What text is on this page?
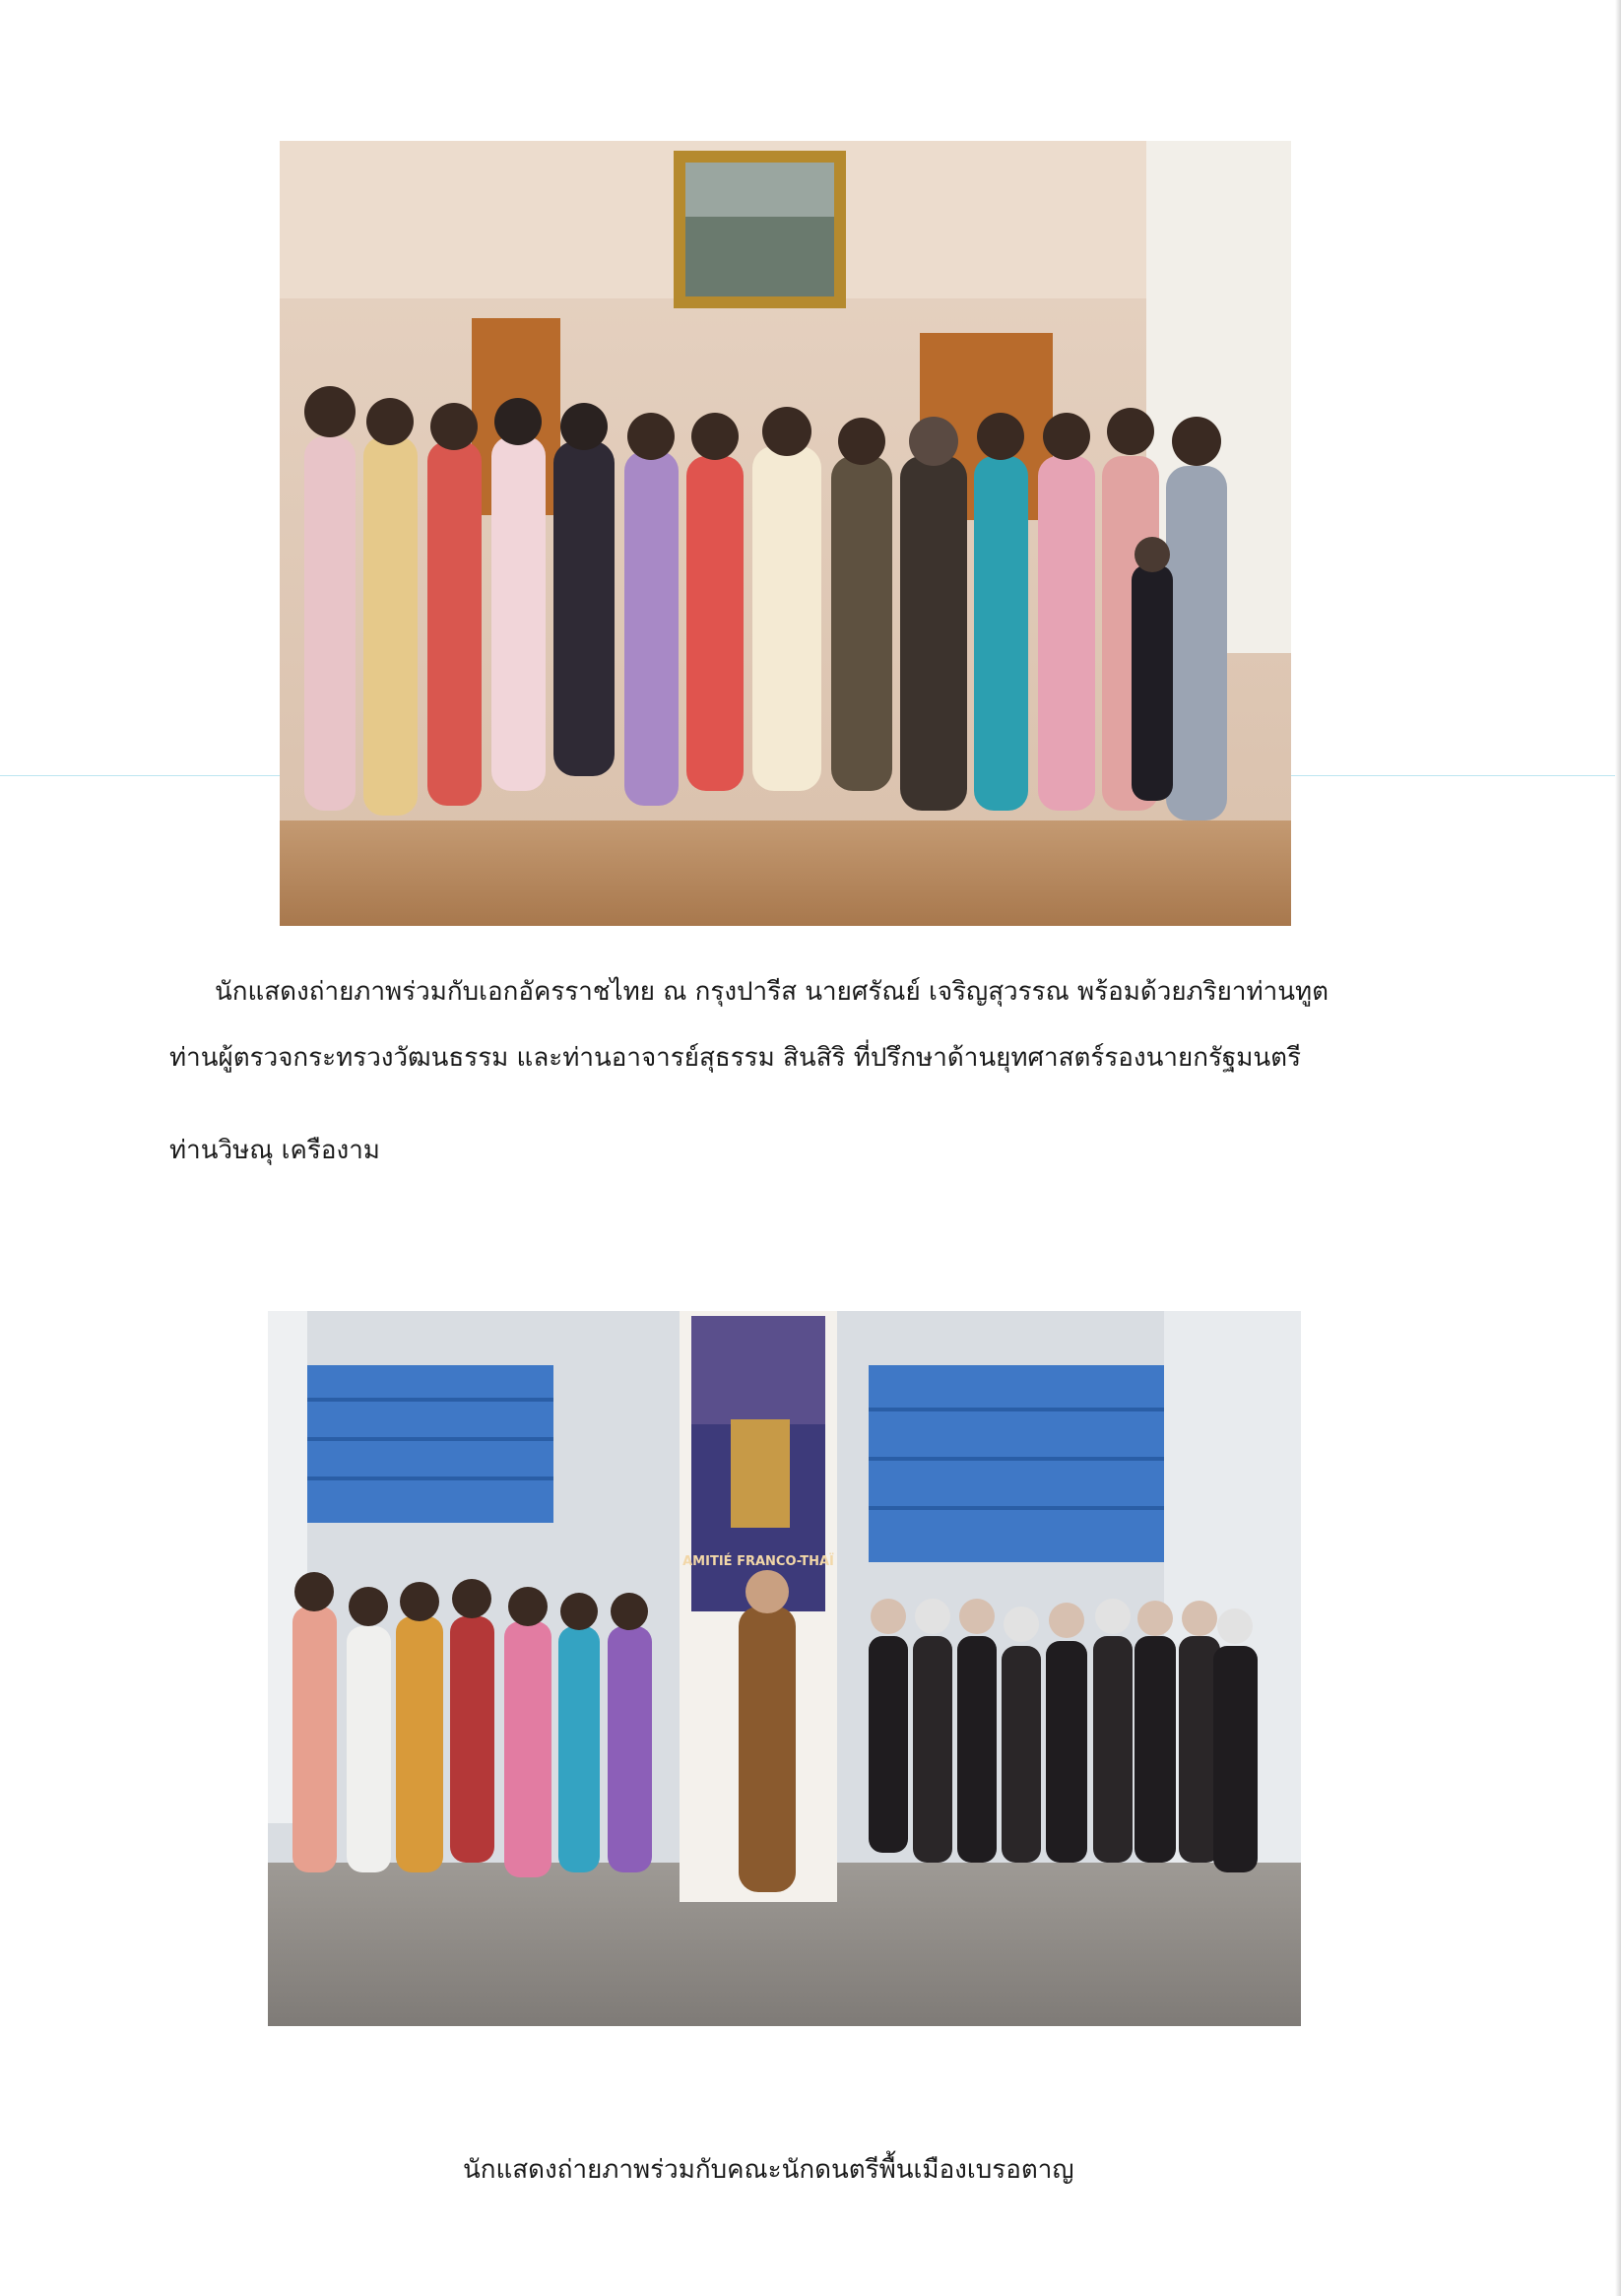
นักแสดงถ่ายภาพร่วมกับเอกอัครราชไทย ณ กรุงปารีส นายศรัณย์ เจริญสุวรรณ พร้อมด้วยภริยาท่านทูต
ท่านผู้ตรวจกระทรวงวัฒนธรรม และท่านอาจารย์สุธรรม สินสิริ ที่ปรึกษาด้านยุทศาสตร์รองนายกรัฐมนตรี
ท่านวิษณุ เครืองาม
AMITIÉ FRANCO-THAÏ
นักแสดงถ่ายภาพร่วมกับคณะนักดนตรีพื้นเมืองเบรอตาญ
